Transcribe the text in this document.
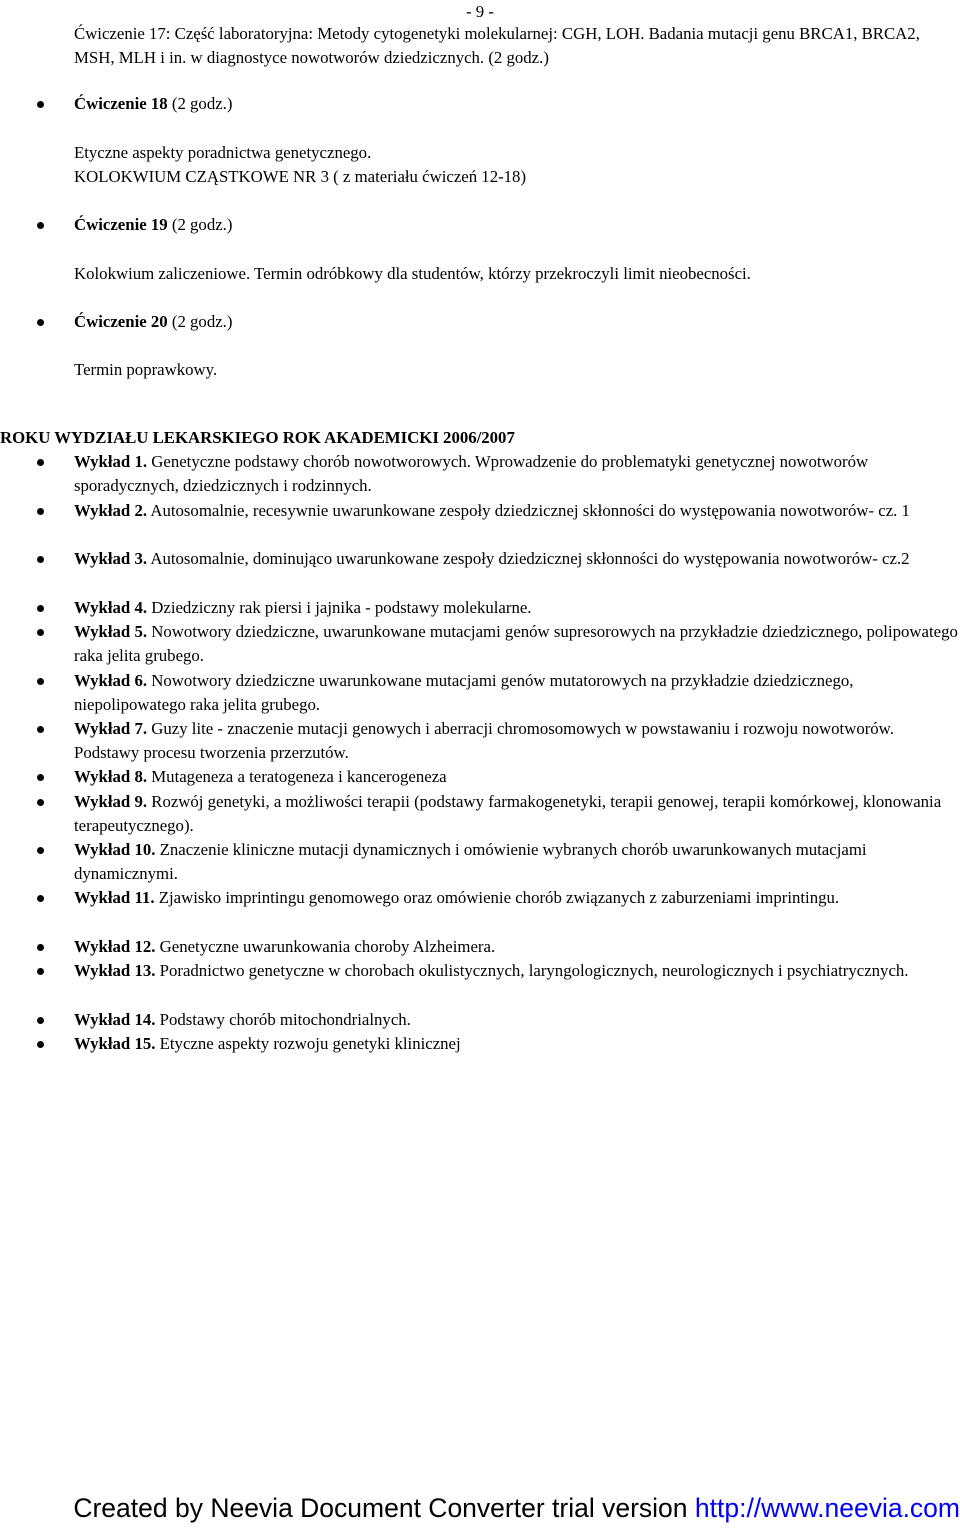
- 9 -
Ćwiczenie 17: Część laboratoryjna: Metody cytogenetyki molekularnej: CGH, LOH. Badania mutacji genu BRCA1, BRCA2, MSH, MLH i in. w diagnostyce nowotworów dziedzicznych. (2 godz.)
Ćwiczenie 18 (2 godz.)
Etyczne aspekty poradnictwa genetycznego.
KOLOKWIUM CZĄSTKOWE NR 3 ( z materiału ćwiczeń 12-18)
Ćwiczenie 19 (2 godz.)
Kolokwium zaliczeniowe. Termin odróbkowy dla studentów, którzy przekroczyli limit nieobecności.
Ćwiczenie 20 (2 godz.)
Termin poprawkowy.
ROKU WYDZIAŁU LEKARSKIEGO ROK AKADEMICKI 2006/2007
Wykład 1. Genetyczne podstawy chorób nowotworowych. Wprowadzenie do problematyki genetycznej nowotworów sporadycznych, dziedzicznych i rodzinnych.
Wykład 2. Autosomalnie, recesywnie uwarunkowane zespoły dziedzicznej skłonności do występowania nowotworów- cz. 1
Wykład 3. Autosomalnie, dominująco uwarunkowane zespoły dziedzicznej skłonności do występowania nowotworów- cz.2
Wykład 4. Dziedziczny rak piersi i jajnika - podstawy molekularne.
Wykład 5. Nowotwory dziedziczne, uwarunkowane mutacjami genów supresorowych na przykładzie dziedzicznego, polipowatego raka jelita grubego.
Wykład 6. Nowotwory dziedziczne uwarunkowane mutacjami genów mutatorowych na przykładzie dziedzicznego, niepolipowatego raka jelita grubego.
Wykład 7. Guzy lite - znaczenie mutacji genowych i aberracji chromosomowych w powstawaniu i rozwoju nowotworów. Podstawy procesu tworzenia przerzutów.
Wykład 8. Mutageneza a teratogeneza i kancerogeneza
Wykład 9. Rozwój genetyki, a możliwości terapii (podstawy farmakogenetyki, terapii genowej, terapii komórkowej, klonowania terapeutycznego).
Wykład 10. Znaczenie kliniczne mutacji dynamicznych i omówienie wybranych chorób uwarunkowanych mutacjami dynamicznymi.
Wykład 11. Zjawisko imprintingu genomowego oraz omówienie chorób związanych z zaburzeniami imprintingu.
Wykład 12. Genetyczne uwarunkowania choroby Alzheimera.
Wykład 13. Poradnictwo genetyczne w chorobach okulistycznych, laryngologicznych, neurologicznych i psychiatrycznych.
Wykład 14. Podstawy chorób mitochondrialnych.
Wykład 15. Etyczne aspekty rozwoju genetyki klinicznej
Created by Neevia Document Converter trial version http://www.neevia.com
